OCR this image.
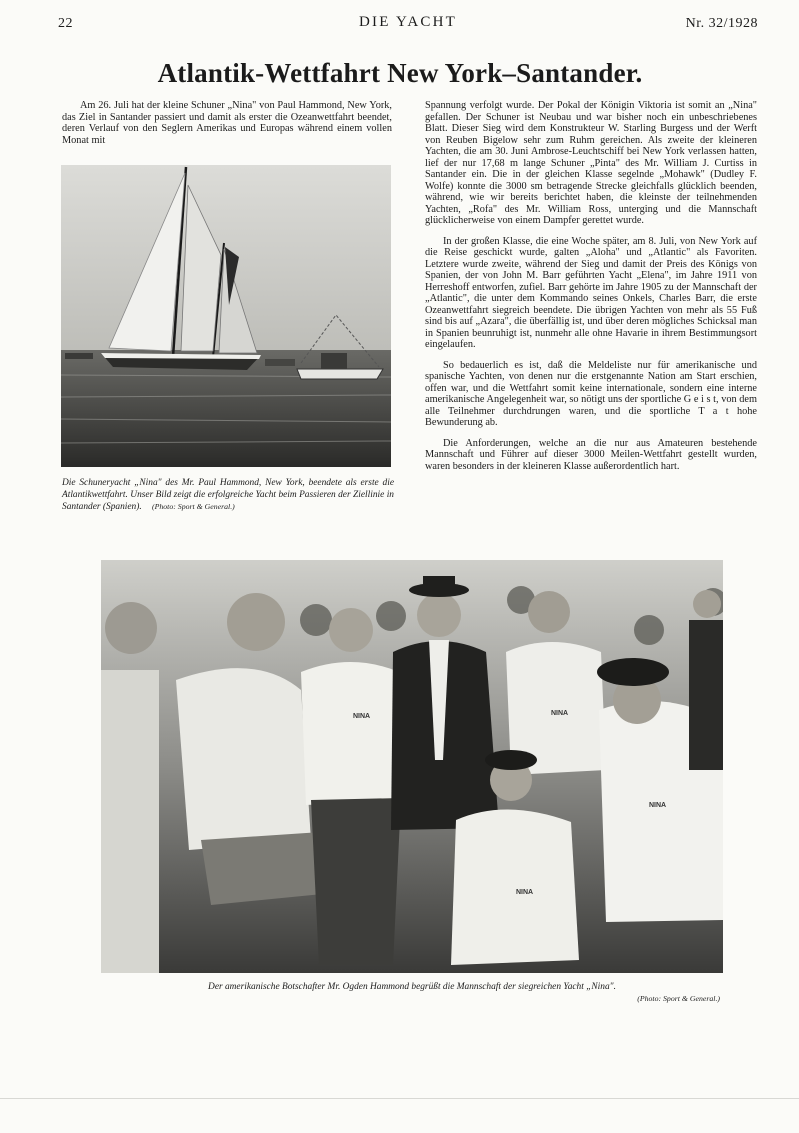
22	DIE YACHT	Nr. 32/1928
Atlantik-Wettfahrt New York–Santander.

Am 26. Juli hat der kleine Schuner „Nina" von Paul Hammond, New York, das Ziel in Santander passiert und damit als erster die Ozeanwettfahrt beendet, deren Verlauf von den Seglern Amerikas und Europas während einem vollen Monat mit

Die Schuneryacht „Nina" des Mr. Paul Hammond, New York, beendete als erste die Atlantikwettfahrt. Unser Bild zeigt die erfolgreiche Yacht beim Passieren der Ziellinie in Santander (Spanien). (Photo: Sport & General.)

Spannung verfolgt wurde. Der Pokal der Königin Viktoria ist somit an „Nina" gefallen. Der Schuner ist Neubau und war bisher noch ein unbeschriebenes Blatt. Dieser Sieg wird dem Konstrukteur W. Starling Burgess und der Werft von Reuben Bigelow sehr zum Ruhm gereichen. Als zweite der kleineren Yachten, die am 30. Juni Ambrose-Leuchtschiff bei New York verlassen hatten, lief der nur 17,68 m lange Schuner „Pinta" des Mr. William J. Curtiss in Santander ein. Die in der gleichen Klasse segelnde „Mohawk" (Dudley F. Wolfe) konnte die 3000 sm betragende Strecke gleichfalls glücklich beenden, während, wie wir bereits berichtet haben, die kleinste der teilnehmenden Yachten, „Rofa" des Mr. William Ross, unterging und die Mannschaft glücklicherweise von einem Dampfer gerettet wurde.

In der großen Klasse, die eine Woche später, am 8. Juli, von New York auf die Reise geschickt wurde, galten „Aloha" und „Atlantic" als Favoriten. Letztere wurde zweite, während der Sieg und damit der Preis des Königs von Spanien, der von John M. Barr geführten Yacht „Elena", im Jahre 1911 von Herreshoff entworfen, zufiel. Barr gehörte im Jahre 1905 zu der Mannschaft der „Atlantic", die unter dem Kommando seines Onkels, Charles Barr, die erste Ozeanwettfahrt siegreich beendete. Die übrigen Yachten von mehr als 55 Fuß sind bis auf „Azara", die überfällig ist, und über deren mögliches Schicksal man in Spanien beunruhigt ist, nunmehr alle ohne Havarie in ihrem Bestimmungsort eingelaufen.

So bedauerlich es ist, daß die Meldeliste nur für amerikanische und spanische Yachten, von denen nur die erstgenannte Nation am Start erschien, offen war, und die Wettfahrt somit keine internationale, sondern eine interne amerikanische Angelegenheit war, so nötigt uns der sportliche G e i s t, von dem alle Teilnehmer durchdrungen waren, und die sportliche T a t hohe Bewunderung ab.

Die Anforderungen, welche an die nur aus Amateuren bestehende Mannschaft und Führer auf dieser 3000 Meilen-Wettfahrt gestellt wurden, waren besonders in der kleineren Klasse außerordentlich hart.

NINA	NINA
NINA
NINA
Der amerikanische Botschafter Mr. Ogden Hammond begrüßt die Mannschaft der siegreichen Yacht „Nina".
(Photo: Sport & General.)
